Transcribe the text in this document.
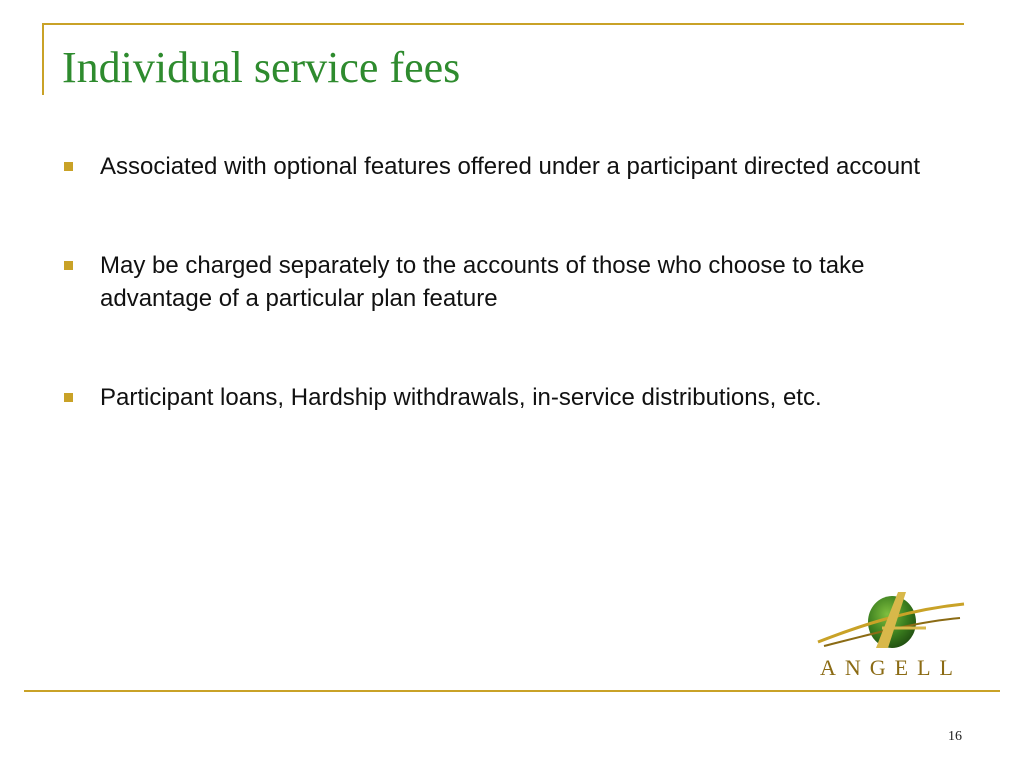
Individual service fees
Associated with optional features offered under a participant directed account
May be charged separately to the accounts of those who choose to take advantage of a particular plan feature
Participant loans, Hardship withdrawals, in-service distributions, etc.
ANGELL
16
